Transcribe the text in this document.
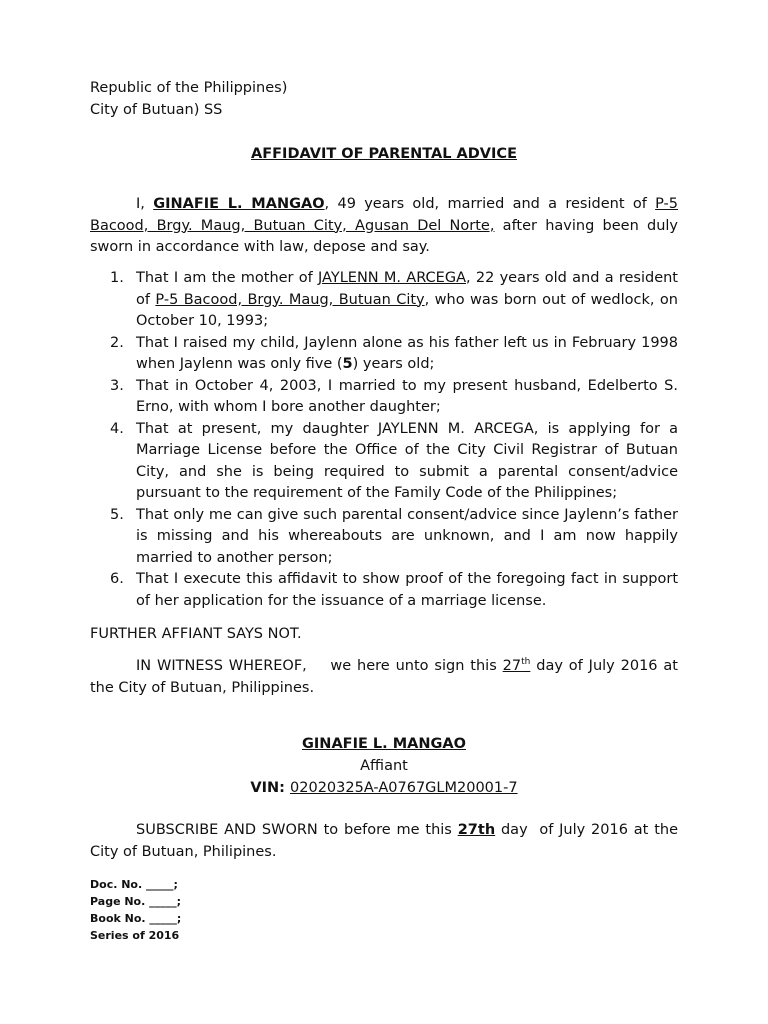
Republic of the Philippines)
City of Butuan) SS
AFFIDAVIT OF PARENTAL ADVICE

I, GINAFIE L. MANGAO, 49 years old, married and a resident of P-5 Bacood, Brgy. Maug, Butuan City, Agusan Del Norte, after having been duly sworn in accordance with law, depose and say.

1. That I am the mother of JAYLENN M. ARCEGA, 22 years old and a resident of P-5 Bacood, Brgy. Maug, Butuan City, who was born out of wedlock, on October 10, 1993;
2. That I raised my child, Jaylenn alone as his father left us in February 1998 when Jaylenn was only five (5) years old;
3. That in October 4, 2003, I married to my present husband, Edelberto S. Erno, with whom I bore another daughter;
4. That at present, my daughter JAYLENN M. ARCEGA, is applying for a Marriage License before the Office of the City Civil Registrar of Butuan City, and she is being required to submit a parental consent/advice pursuant to the requirement of the Family Code of the Philippines;
5. That only me can give such parental consent/advice since Jaylenn’s father is missing and his whereabouts are unknown, and I am now happily married to another person;
6. That I execute this affidavit to show proof of the foregoing fact in support of her application for the issuance of a marriage license.
FURTHER AFFIANT SAYS NOT.

IN WITNESS WHEREOF,    we here unto sign this 27th day of July 2016 at the City of Butuan, Philippines.

GINAFIE L. MANGAO
Affiant
VIN: 02020325A-A0767GLM20001-7

SUBSCRIBE AND SWORN to before me this 27th day  of July 2016 at the City of Butuan, Philipines.

Doc. No. _____;
Page No. _____;
Book No. _____;
Series of 2016
